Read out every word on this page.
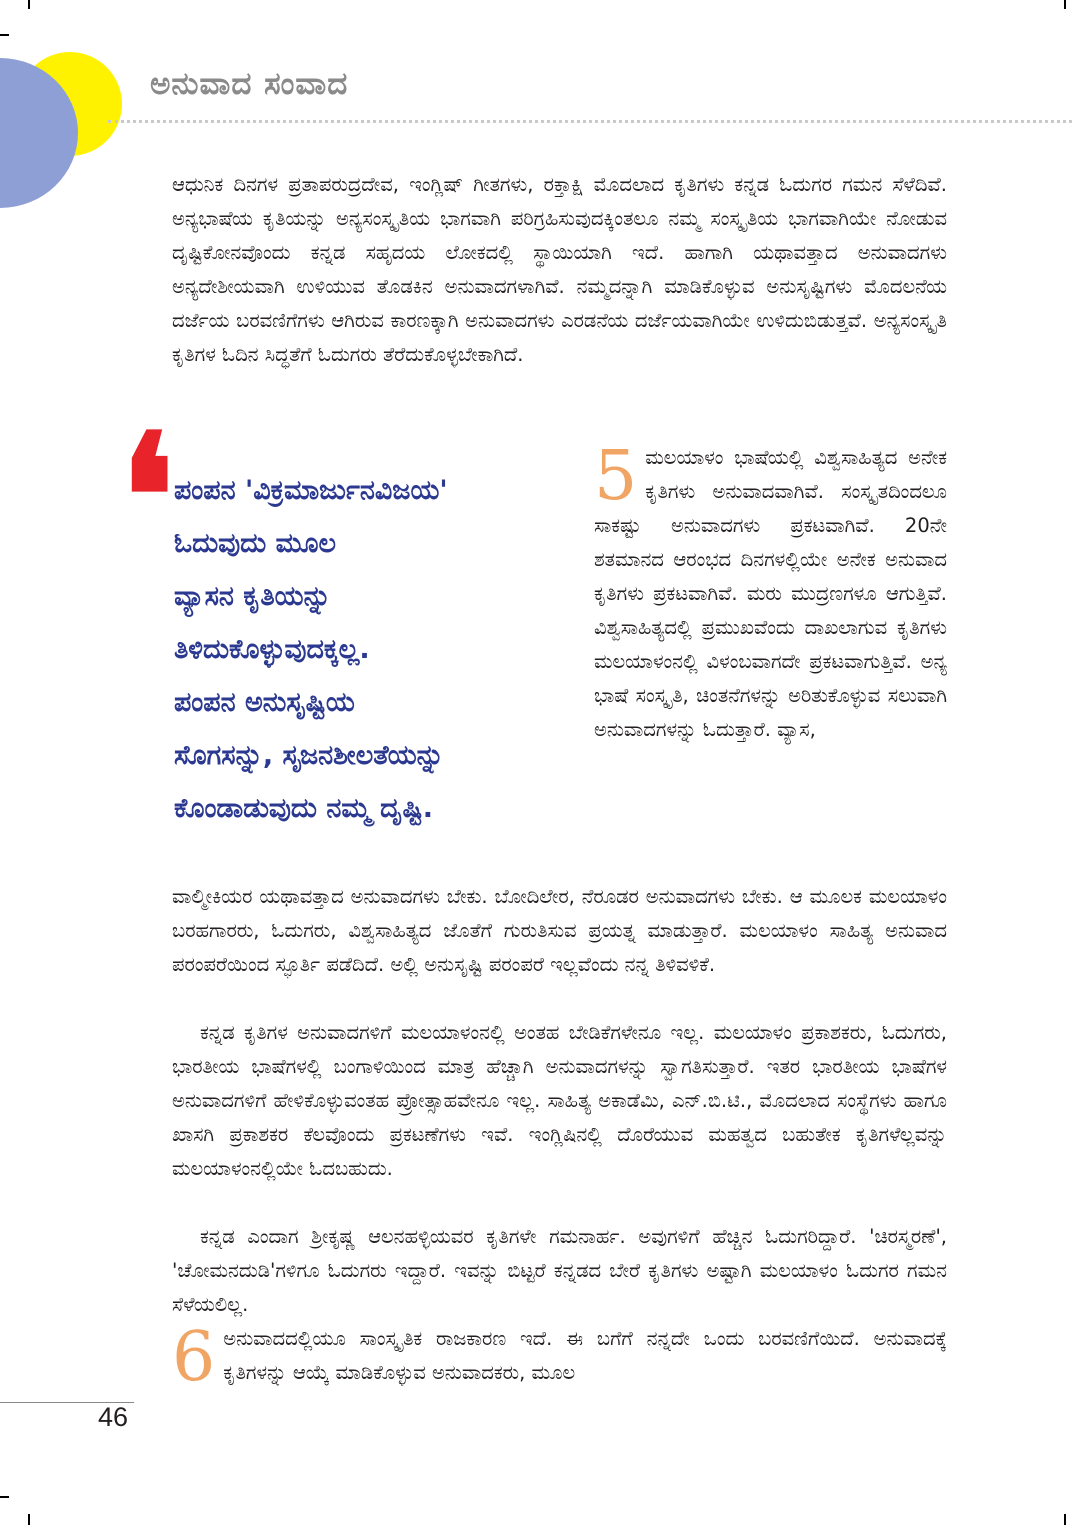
ಅನುವಾದ ಸಂವಾದ

ಆಧುನಿಕ ದಿನಗಳ ಪ್ರತಾಪರುದ್ರದೇವ, ಇಂಗ್ಲಿಷ್ ಗೀತಗಳು, ರಕ್ತಾಕ್ಷಿ ಮೊದಲಾದ ಕೃತಿಗಳು ಕನ್ನಡ ಓದುಗರ ಗಮನ ಸೆಳೆದಿವೆ. ಅನ್ಯಭಾಷೆಯ ಕೃತಿಯನ್ನು ಅನ್ಯಸಂಸ್ಕೃತಿಯ ಭಾಗವಾಗಿ ಪರಿಗ್ರಹಿಸುವುದಕ್ಕಿಂತಲೂ ನಮ್ಮ ಸಂಸ್ಕೃತಿಯ ಭಾಗವಾಗಿಯೇ ನೋಡುವ ದೃಷ್ಟಿಕೋನವೊಂದು ಕನ್ನಡ ಸಹೃದಯ ಲೋಕದಲ್ಲಿ ಸ್ಥಾಯಿಯಾಗಿ ಇದೆ. ಹಾಗಾಗಿ ಯಥಾವತ್ತಾದ ಅನುವಾದಗಳು ಅನ್ಯದೇಶೀಯವಾಗಿ ಉಳಿಯುವ ತೊಡಕಿನ ಅನುವಾದಗಳಾಗಿವೆ. ನಮ್ಮದನ್ನಾಗಿ ಮಾಡಿಕೊಳ್ಳುವ ಅನುಸೃಷ್ಟಿಗಳು ಮೊದಲನೆಯ ದರ್ಜೆಯ ಬರವಣಿಗೆಗಳು ಆಗಿರುವ ಕಾರಣಕ್ಕಾಗಿ ಅನುವಾದಗಳು ಎರಡನೆಯ ದರ್ಜೆಯವಾಗಿಯೇ ಉಳಿದುಬಿಡುತ್ತವೆ. ಅನ್ಯಸಂಸ್ಕೃತಿ ಕೃತಿಗಳ ಓದಿನ ಸಿದ್ಧತೆಗೆ ಓದುಗರು ತೆರೆದುಕೊಳ್ಳಬೇಕಾಗಿದೆ.

❛ ಪಂಪನ 'ವಿಕ್ರಮಾರ್ಜುನವಿಜಯ'
ಓದುವುದು ಮೂಲ
ವ್ಯಾಸನ ಕೃತಿಯನ್ನು
ತಿಳಿದುಕೊಳ್ಳುವುದಕ್ಕಲ್ಲ.
ಪಂಪನ ಅನುಸೃಷ್ಟಿಯ
ಸೊಗಸನ್ನು, ಸೃಜನಶೀಲತೆಯನ್ನು
ಕೊಂಡಾಡುವುದು ನಮ್ಮ ದೃಷ್ಟಿ.

5 ಮಲಯಾಳಂ ಭಾಷೆಯಲ್ಲಿ ವಿಶ್ವಸಾಹಿತ್ಯದ ಅನೇಕ ಕೃತಿಗಳು ಅನುವಾದವಾಗಿವೆ. ಸಂಸ್ಕೃತದಿಂದಲೂ ಸಾಕಷ್ಟು ಅನುವಾದಗಳು ಪ್ರಕಟವಾಗಿವೆ. 20ನೇ ಶತಮಾನದ ಆರಂಭದ ದಿನಗಳಲ್ಲಿಯೇ ಅನೇಕ ಅನುವಾದ ಕೃತಿಗಳು ಪ್ರಕಟವಾಗಿವೆ. ಮರು ಮುದ್ರಣಗಳೂ ಆಗುತ್ತಿವೆ. ವಿಶ್ವಸಾಹಿತ್ಯದಲ್ಲಿ ಪ್ರಮುಖವೆಂದು ದಾಖಲಾಗುವ ಕೃತಿಗಳು ಮಲಯಾಳಂನಲ್ಲಿ ವಿಳಂಬವಾಗದೇ ಪ್ರಕಟವಾಗುತ್ತಿವೆ. ಅನ್ಯ ಭಾಷೆ ಸಂಸ್ಕೃತಿ, ಚಿಂತನೆಗಳನ್ನು ಅರಿತುಕೊಳ್ಳುವ ಸಲುವಾಗಿ ಅನುವಾದಗಳನ್ನು ಓದುತ್ತಾರೆ. ವ್ಯಾಸ,

ವಾಲ್ಮೀಕಿಯರ ಯಥಾವತ್ತಾದ ಅನುವಾದಗಳು ಬೇಕು. ಬೋದಿಲೇರ, ನೆರೂಡರ ಅನುವಾದಗಳು ಬೇಕು. ಆ ಮೂಲಕ ಮಲಯಾಳಂ ಬರಹಗಾರರು, ಓದುಗರು, ವಿಶ್ವಸಾಹಿತ್ಯದ ಜೊತೆಗೆ ಗುರುತಿಸುವ ಪ್ರಯತ್ನ ಮಾಡುತ್ತಾರೆ. ಮಲಯಾಳಂ ಸಾಹಿತ್ಯ ಅನುವಾದ ಪರಂಪರೆಯಿಂದ ಸ್ಫೂರ್ತಿ ಪಡೆದಿದೆ. ಅಲ್ಲಿ ಅನುಸೃಷ್ಟಿ ಪರಂಪರೆ ಇಲ್ಲವೆಂದು ನನ್ನ ತಿಳಿವಳಿಕೆ.

ಕನ್ನಡ ಕೃತಿಗಳ ಅನುವಾದಗಳಿಗೆ ಮಲಯಾಳಂನಲ್ಲಿ ಅಂತಹ ಬೇಡಿಕೆಗಳೇನೂ ಇಲ್ಲ. ಮಲಯಾಳಂ ಪ್ರಕಾಶಕರು, ಓದುಗರು, ಭಾರತೀಯ ಭಾಷೆಗಳಲ್ಲಿ ಬಂಗಾಳಿಯಿಂದ ಮಾತ್ರ ಹೆಚ್ಚಾಗಿ ಅನುವಾದಗಳನ್ನು ಸ್ವಾಗತಿಸುತ್ತಾರೆ. ಇತರ ಭಾರತೀಯ ಭಾಷೆಗಳ ಅನುವಾದಗಳಿಗೆ ಹೇಳಿಕೊಳ್ಳುವಂತಹ ಪ್ರೋತ್ಸಾಹವೇನೂ ಇಲ್ಲ. ಸಾಹಿತ್ಯ ಅಕಾಡೆಮಿ, ಎನ್.ಬಿ.ಟಿ., ಮೊದಲಾದ ಸಂಸ್ಥೆಗಳು ಹಾಗೂ ಖಾಸಗಿ ಪ್ರಕಾಶಕರ ಕೆಲವೊಂದು ಪ್ರಕಟಣೆಗಳು ಇವೆ. ಇಂಗ್ಲಿಷಿನಲ್ಲಿ ದೊರೆಯುವ ಮಹತ್ವದ ಬಹುತೇಕ ಕೃತಿಗಳೆಲ್ಲವನ್ನು ಮಲಯಾಳಂನಲ್ಲಿಯೇ ಓದಬಹುದು.

ಕನ್ನಡ ಎಂದಾಗ ಶ್ರೀಕೃಷ್ಣ ಆಲನಹಳ್ಳಿಯವರ ಕೃತಿಗಳೇ ಗಮನಾರ್ಹ. ಅವುಗಳಿಗೆ ಹೆಚ್ಚಿನ ಓದುಗರಿದ್ದಾರೆ. 'ಚಿರಸ್ಮರಣೆ', 'ಚೋಮನದುಡಿ'ಗಳಿಗೂ ಓದುಗರು ಇದ್ದಾರೆ. ಇವನ್ನು ಬಿಟ್ಟರೆ ಕನ್ನಡದ ಬೇರೆ ಕೃತಿಗಳು ಅಷ್ಟಾಗಿ ಮಲಯಾಳಂ ಓದುಗರ ಗಮನ ಸೆಳೆಯಲಿಲ್ಲ.

6 ಅನುವಾದದಲ್ಲಿಯೂ ಸಾಂಸ್ಕೃತಿಕ ರಾಜಕಾರಣ ಇದೆ. ಈ ಬಗೆಗೆ ನನ್ನದೇ ಒಂದು ಬರವಣಿಗೆಯಿದೆ. ಅನುವಾದಕ್ಕೆ ಕೃತಿಗಳನ್ನು ಆಯ್ಕೆ ಮಾಡಿಕೊಳ್ಳುವ ಅನುವಾದಕರು, ಮೂಲ

46
